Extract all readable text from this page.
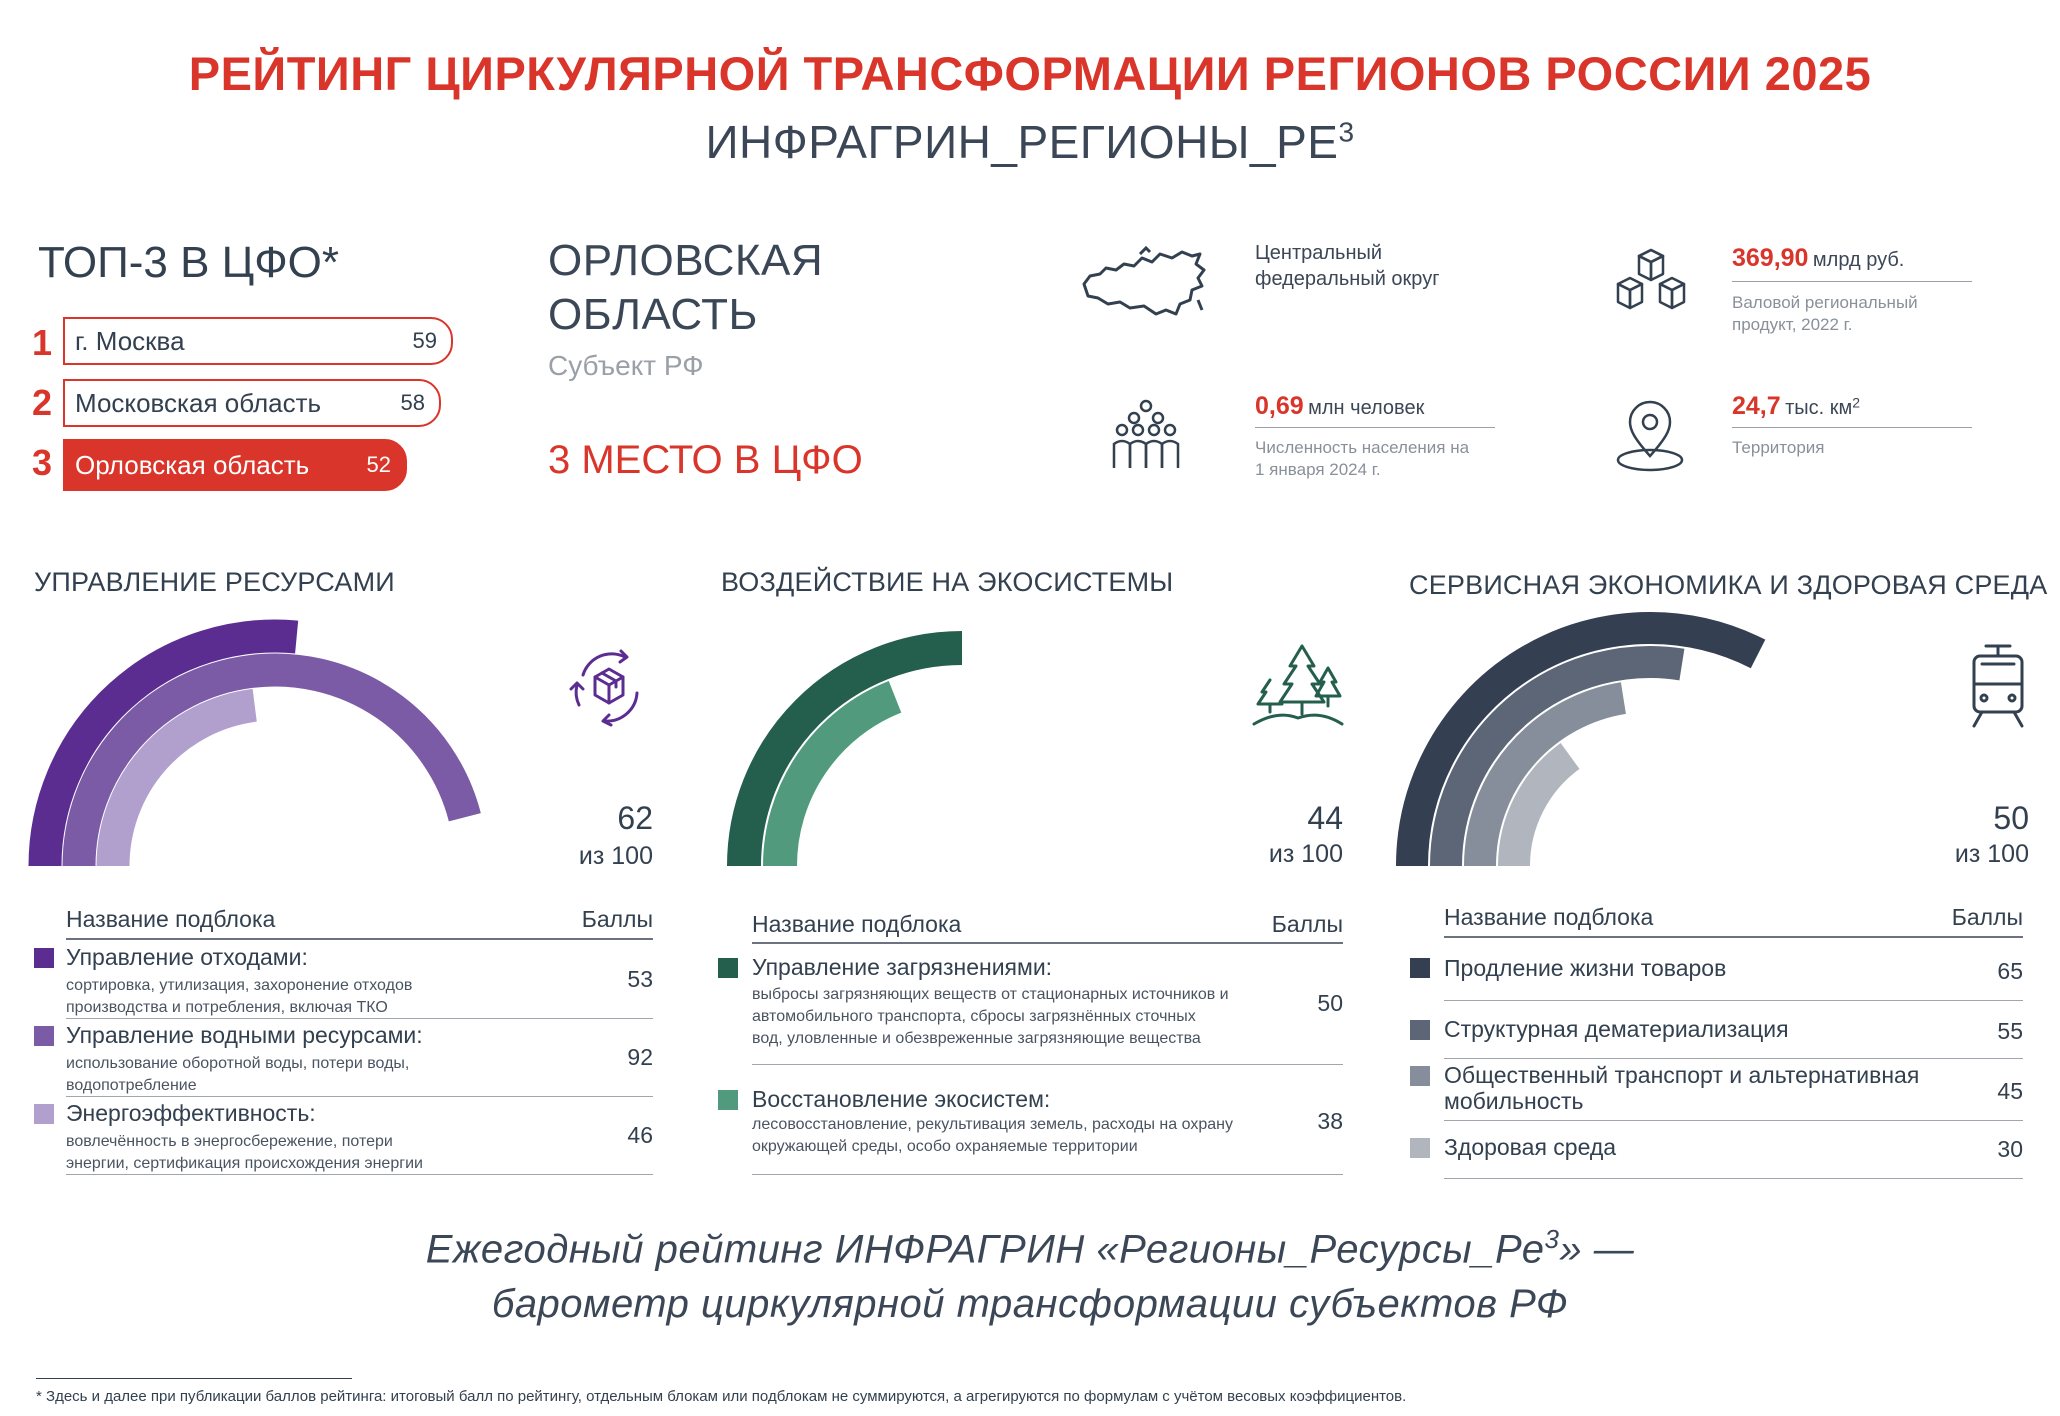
РЕЙТИНГ ЦИРКУЛЯРНОЙ ТРАНСФОРМАЦИИ РЕГИОНОВ РОССИИ 2025
$ИНФРАГРИН\_РЕГИОНЫ\_РЕ^3$
ТОП-3 В ЦФО*
1 г. Москва	59
2 Московская область	58
3 Орловская область	52
ОРЛОВСКАЯ
ОБЛАСТЬ
Субъект РФ
3 МЕСТО В ЦФО
Центральный
федеральный округ
369,90 млрд руб.
Валовой региональный
продукт, 2022 г.
0,69 млн человек
Численность населения на
1 января 2024 г.
24,7 тыс. $км^2$
Территория
УПРАВЛЕНИЕ РЕСУРСАМИ	ВОЗДЕЙСТВИЕ НА ЭКОСИСТЕМЫ	СЕРВИСНАЯ ЭКОНОМИКА И ЗДОРОВАЯ СРЕДА
62
из 100
44
из 100
50
из 100
Название подблока	Баллы
Управление отходами:
сортировка, утилизация, захоронение отходов
производства и потребления, включая ТКО
53
Управление водными ресурсами:
использование оборотной воды, потери воды,
водопотребление
92
Энергоэффективность:
вовлечённость в энергосбережение, потери
энергии, сертификация происхождения энергии
46
Название подблока	Баллы
Управление загрязнениями:
выбросы загрязняющих веществ от стационарных источников и
автомобильного транспорта, сбросы загрязнённых сточных
вод, уловленные и обезвреженные загрязняющие вещества
50
Восстановление экосистем:
лесовосстановление, рекультивация земель, расходы на охрану
окружающей среды, особо охраняемые территории
38
Название подблока	Баллы
Продление жизни товаров	65
Структурная дематериализация	55
Общественный транспорт и альтернативная
мобильность	45
Здоровая среда	30
Ежегодный рейтинг ИНФРАГРИН «$Регионы\_Ресурсы\_Ре^3$» —
барометр циркулярной трансформации субъектов РФ
* Здесь и далее при публикации баллов рейтинга: итоговый балл по рейтингу, отдельным блокам или подблокам не суммируются, а агрегируются по формулам с учётом весовых коэффициентов.
